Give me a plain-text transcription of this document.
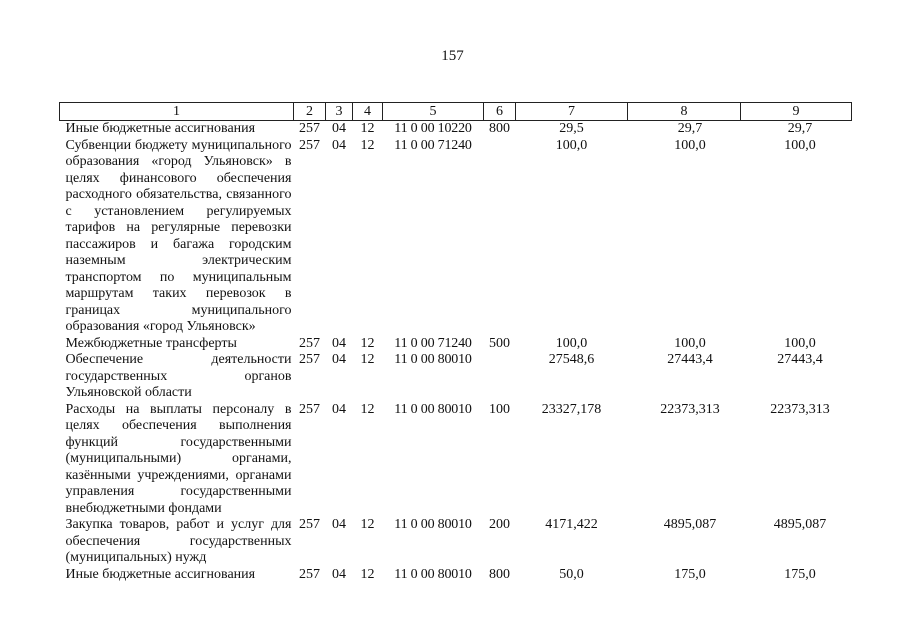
157
1	2	3	4	5	6	7	8	9
Иные бюджетные ассигнования	257	04	12	11 0 00 10220	800	29,5	29,7	29,7
Субвенции бюджету муниципального образования «город Ульяновск» в целях финансового обеспечения расходного обязательства, связанного с установлением регулируемых тарифов на регулярные перевозки пассажиров и багажа городским наземным электрическим транспортом по муниципальным маршрутам таких перевозок в границах муниципального образования «город Ульяновск»	257	04	12	11 0 00 71240		100,0	100,0	100,0
Межбюджетные трансферты	257	04	12	11 0 00 71240	500	100,0	100,0	100,0
Обеспечение деятельности государственных органов Ульяновской области	257	04	12	11 0 00 80010		27548,6	27443,4	27443,4
Расходы на выплаты персоналу в целях обеспечения выполнения функций государственными (муниципальными) органами, казёнными учреждениями, органами управления государственными внебюджетными фондами	257	04	12	11 0 00 80010	100	23327,178	22373,313	22373,313
Закупка товаров, работ и услуг для обеспечения государственных (муниципальных) нужд	257	04	12	11 0 00 80010	200	4171,422	4895,087	4895,087
Иные бюджетные ассигнования	257	04	12	11 0 00 80010	800	50,0	175,0	175,0
